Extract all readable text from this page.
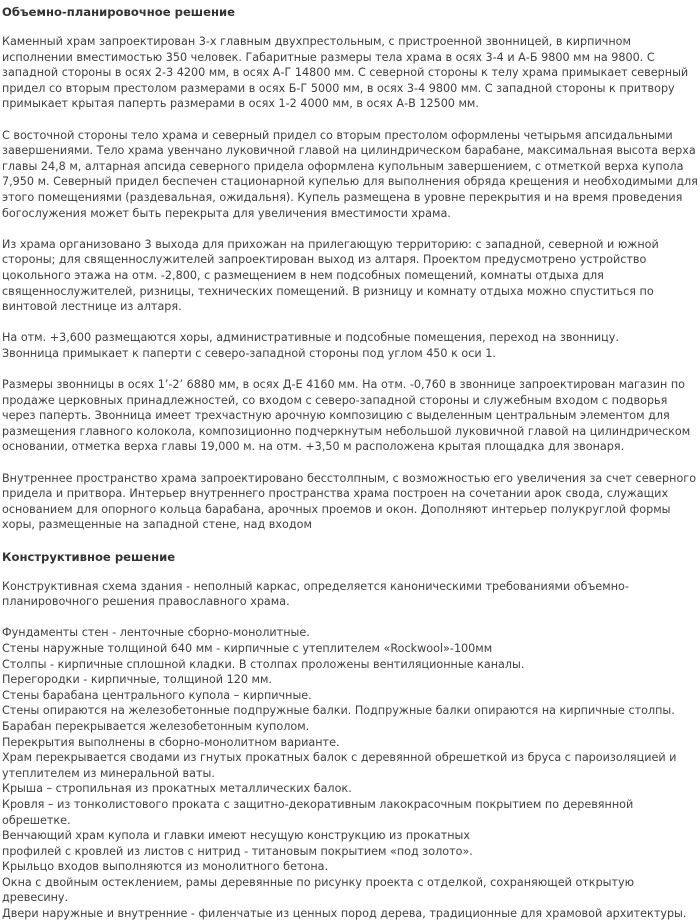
Объемно-планировочное решение

Каменный храм запроектирован 3-х главным двухпрестольным, с пристроенной звонницей, в кирпичном исполнении вместимостью 350 человек. Габаритные размеры тела храма в осях 3-4 и А-Б 9800 мм на 9800. С западной стороны в осях 2-3 4200 мм, в осях А-Г 14800 мм. С северной стороны к телу храма примыкает северный придел со вторым престолом размерами в осях Б-Г 5000 мм, в осях 3-4 9800 мм. С западной стороны к притвору примыкает крытая паперть размерами в осях 1-2 4000 мм, в осях А-В 12500 мм.

С восточной стороны тело храма и северный придел со вторым престолом оформлены четырьмя апсидальными завершениями. Тело храма увенчано луковичной главой на цилиндрическом барабане, максимальная высота верха главы 24,8 м, алтарная апсида северного придела оформлена купольным завершением, с отметкой верха купола 7,950 м. Северный придел беспечен стационарной купелью для выполнения обряда крещения и необходимыми для этого помещениями (раздевальная, ожидальня). Купель размещена в уровне перекрытия и на время проведения богослужения может быть перекрыта для увеличения вместимости храма.

Из храма организовано 3 выхода для прихожан на прилегающую территорию: с западной, северной и южной стороны; для священнослужителей запроектирован выход из алтаря. Проектом предусмотрено устройство цокольного этажа на отм. -2,800, с размещением в нем подсобных помещений, комнаты отдыха для священнослужителей, ризницы, технических помещений. В ризницу и комнату отдыха можно спуститься по винтовой лестнице из алтаря.

На отм. +3,600 размещаются хоры, административные и подсобные помещения, переход на звонницу.
Звонница примыкает к паперти с северо-западной стороны под углом 450 к оси 1.

Размеры звонницы в осях 1’-2’ 6880 мм, в осях Д-Е 4160 мм. На отм. -0,760 в звоннице запроектирован магазин по продаже церковных принадлежностей, со входом с северо-западной стороны и служебным входом с подворья через паперть. Звонница имеет трехчастную арочную композицию с выделенным центральным элементом для размещения главного колокола, композиционно подчеркнутым небольшой луковичной главой на цилиндрическом основании, отметка верха главы 19,000 м. на отм. +3,50 м расположена крытая площадка для звонаря.

Внутреннее пространство храма запроектировано бесстолпным, с возможностью его увеличения за счет северного придела и притвора. Интерьер внутреннего пространства храма построен на сочетании арок свода, служащих основанием для опорного кольца барабана, арочных проемов и окон. Дополняют интерьер полукруглой формы хоры, размещенные на западной стене, над входом

Конструктивное решение

Конструктивная схема здания - неполный каркас, определяется каноническими требованиями объемно-планировочного решения православного храма.

Фундаменты стен - ленточные сборно-монолитные.

Стены наружные толщиной 640 мм - кирпичные с утеплителем «Rockwool»-100мм

Столпы - кирпичные сплошной кладки. В столпах проложены вентиляционные каналы.

Перегородки - кирпичные, толщиной 120 мм.

Стены барабана центрального купола – кирпичные.

Стены опираются на железобетонные подпружные балки. Подпружные балки опираются на кирпичные столпы.

Барабан перекрывается железобетонным куполом.

Перекрытия выполнены в сборно-монолитном варианте.

Храм перекрывается сводами из гнутых прокатных балок с деревянной обрешеткой из бруса с пароизоляцией и

утеплителем из минеральной ваты.

Крыша – стропильная из прокатных металлических балок.

Кровля – из тонколистового проката с защитно-декоративным лакокрасочным покрытием по деревянной обрешетке.

Венчающий храм купола и главки имеют несущую конструкцию из прокатных

профилей с кровлей из листов с нитрид - титановым покрытием «под золото».

Крыльцо входов выполняются из монолитного бетона.

Окна с двойным остеклением, рамы деревянные по рисунку проекта с отделкой, сохраняющей открытую древесину.

Двери наружные и внутренние - филенчатые из ценных пород дерева, традиционные для храмовой архитектуры.
